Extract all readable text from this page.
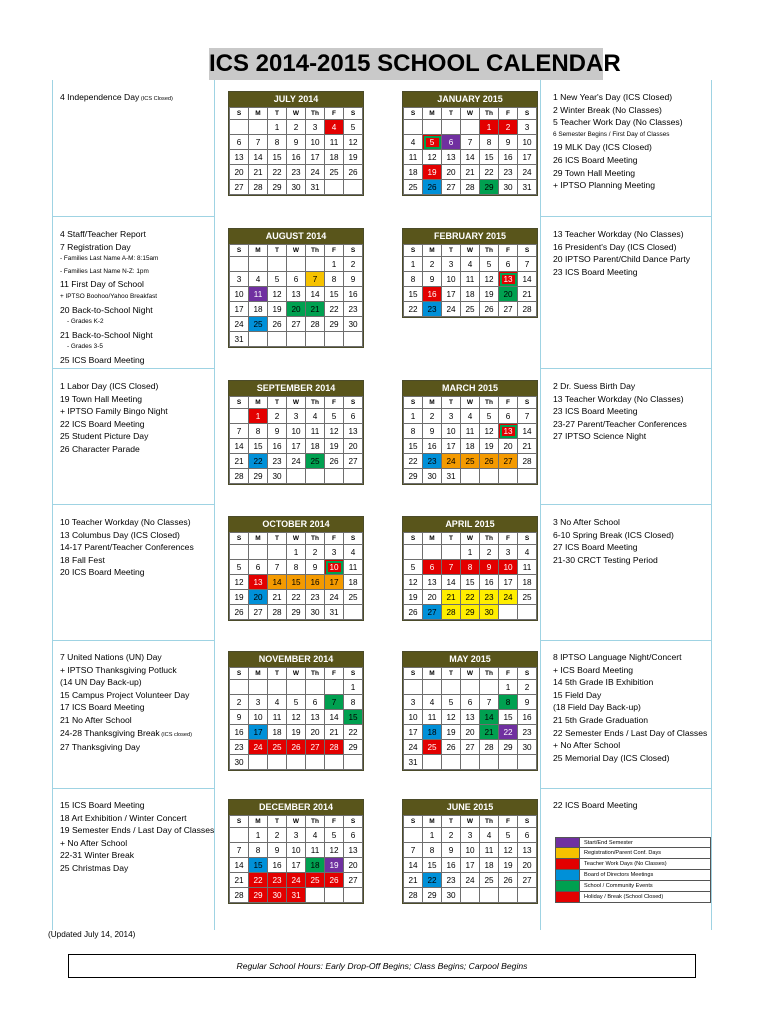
ICS 2014-2015 SCHOOL CALENDAR
4 Independence Day (ICS Closed)	JULY 2014
S	M	T	W	Th	F	S
		1	2	3	4	5
6	7	8	9	10	11	12
13	14	15	16	17	18	19
20	21	22	23	24	25	26
27	28	29	30	31		
JANUARY 2015
S	M	T	W	Th	F	S
				1	2	3
4	5	6	7	8	9	10
11	12	13	14	15	16	17
18	19	20	21	22	23	24
25	26	27	28	29	30	31
1 New Year's Day (ICS Closed)
2 Winter Break (No Classes)
5 Teacher Work Day (No Classes)
6 Semester Begins / First Day of Classes
19 MLK Day (ICS Closed)
26 ICS Board Meeting
29 Town Hall Meeting
+ IPTSO Planning Meeting
4 Staff/Teacher Report
7 Registration Day
- Families Last Name A-M: 8:15am
- Families Last Name N-Z: 1pm
11 First Day of School
+ IPTSO Boohoo/Yahoo Breakfast
20 Back-to-School Night
- Grades K-2
21 Back-to-School Night
- Grades 3-5
25 ICS Board Meeting
AUGUST 2014
S	M	T	W	Th	F	S
					1	2
3	4	5	6	7	8	9
10	11	12	13	14	15	16
17	18	19	20	21	22	23
24	25	26	27	28	29	30
31						
FEBRUARY 2015
S	M	T	W	Th	F	S
1	2	3	4	5	6	7
8	9	10	11	12	13	14
15	16	17	18	19	20	21
22	23	24	25	26	27	28
13 Teacher Workday (No Classes)
16 President's Day (ICS Closed)
20 IPTSO Parent/Child Dance Party
23 ICS Board Meeting
1 Labor Day (ICS Closed)
19 Town Hall Meeting
+ IPTSO Family Bingo Night
22 ICS Board Meeting
25 Student Picture Day
26 Character Parade
SEPTEMBER 2014
S	M	T	W	Th	F	S
	1	2	3	4	5	6
7	8	9	10	11	12	13
14	15	16	17	18	19	20
21	22	23	24	25	26	27
28	29	30				
MARCH 2015
S	M	T	W	Th	F	S
1	2	3	4	5	6	7
8	9	10	11	12	13	14
15	16	17	18	19	20	21
22	23	24	25	26	27	28
29	30	31				
2 Dr. Suess Birth Day
13 Teacher Workday (No Classes)
23 ICS Board Meeting
23-27 Parent/Teacher Conferences
27 IPTSO Science Night
10 Teacher Workday (No Classes)
13 Columbus Day (ICS Closed)
14-17 Parent/Teacher Conferences
18 Fall Fest
20 ICS Board Meeting
OCTOBER 2014
S	M	T	W	Th	F	S
			1	2	3	4
5	6	7	8	9	10	11
12	13	14	15	16	17	18
19	20	21	22	23	24	25
26	27	28	29	30	31	
APRIL 2015
S	M	T	W	Th	F	S
			1	2	3	4
5	6	7	8	9	10	11
12	13	14	15	16	17	18
19	20	21	22	23	24	25
26	27	28	29	30		
3 No After School
6-10 Spring Break (ICS Closed)
27 ICS Board Meeting
21-30 CRCT Testing Period
7 United Nations (UN) Day
+ IPTSO Thanksgiving Potluck
(14 UN Day Back-up)
15 Campus Project Volunteer Day
17 ICS Board Meeting
21 No After School
24-28 Thanksgiving Break (ICS closed)
27 Thanksgiving Day
NOVEMBER 2014
S	M	T	W	Th	F	S
						1
2	3	4	5	6	7	8
9	10	11	12	13	14	15
16	17	18	19	20	21	22
23	24	25	26	27	28	29
30						
MAY 2015
S	M	T	W	Th	F	S
					1	2
3	4	5	6	7	8	9
10	11	12	13	14	15	16
17	18	19	20	21	22	23
24	25	26	27	28	29	30
31						
8 IPTSO Language Night/Concert
+ ICS Board Meeting
14 5th Grade IB Exhibition
15 Field Day
(18 Field Day Back-up)
21 5th Grade Graduation
22 Semester Ends / Last Day of Classes
+ No After School
25 Memorial Day (ICS Closed)
15 ICS Board Meeting
18 Art Exhibition / Winter Concert
19 Semester Ends / Last Day of Classes
+ No After School
22-31 Winter Break
25 Christmas Day
DECEMBER 2014
S	M	T	W	Th	F	S
	1	2	3	4	5	6
7	8	9	10	11	12	13
14	15	16	17	18	19	20
21	22	23	24	25	26	27
28	29	30	31			
JUNE 2015
S	M	T	W	Th	F	S
	1	2	3	4	5	6
7	8	9	10	11	12	13
14	15	16	17	18	19	20
21	22	23	24	25	26	27
28	29	30				
22 ICS Board Meeting
Start/End Semester
Registration/Parent Conf. Days
Teacher Work Days (No Classes)
Board of Directors Meetings
School / Community Events
Holiday / Break (School Closed)
(Updated July 14, 2014)
Regular School Hours: Early Drop-Off Begins; Class Begins; Carpool Begins
